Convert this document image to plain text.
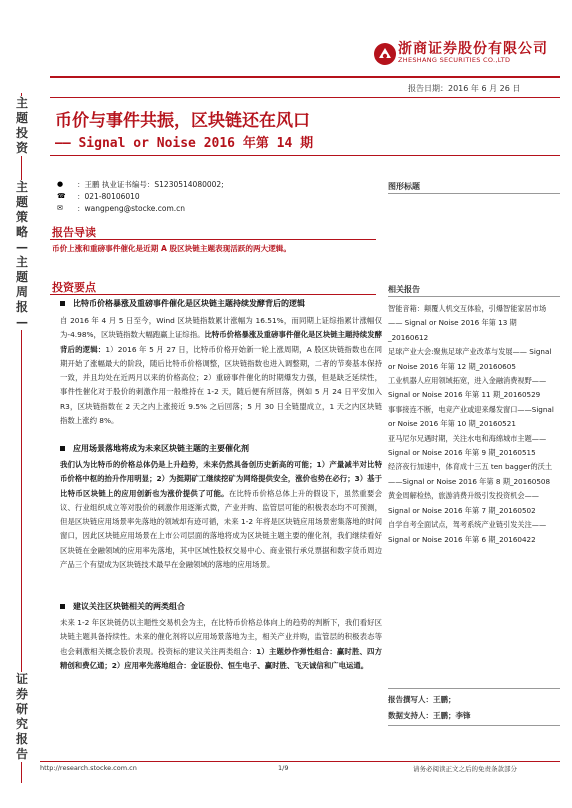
浙商证券股份有限公司
ZHESHANG SECURITIES CO.,LTD
报告日期：2016 年 6 月 26 日
主题投资
主题策略—主题周报—
证券研究报告
币价与事件共振，区块链还在风口
—— Signal or Noise 2016 年第 14 期
● ：王鹏 执业证书编号：S1230514080002;
☎ ：021-80106010
✉ ：wangpeng@stocke.com.cn
图形标题
报告导读
币价上涨和重磅事件催化是近期 A 股区块链主题表现活跃的两大逻辑。
投资要点
比特币价格暴涨及重磅事件催化是区块链主题持续发酵背后的逻辑
自 2016 年 4 月 5 日至今，Wind 区块链指数累计涨幅为 16.51%，而同期上证综指累计涨幅仅为-4.98%，区块链指数大幅跑赢上证综指。比特币价格暴涨及重磅事件催化是区块链主题持续发酵背后的逻辑：1）2016 年 5 月 27 日，比特币价格开始新一轮上涨周期，A 股区块链指数也在同期开始了涨幅最大的阶段，随后比特币价格调整，区块链指数也进入调整期，二者的节奏基本保持一致，并且均处在近两月以来的价格高位；2）重磅事件催化的时期爆发力强，但是缺乏延续性，事件性催化对于股价的刺激作用一般维持在 1-2 天，随后便有所回落，例如 5 月 24 日平安加入 R3，区块链指数在 2 天之内上涨接近 9.5% 之后回落；5 月 30 日全链盟成立，1 天之内区块链指数上涨约 8%。
应用场景落地将成为未来区块链主题的主要催化剂
我们认为比特币的价格总体仍是上升趋势，未来仍然具备创历史新高的可能；1）产量减半对比特币价格中枢的抬升作用明显；2）为挺期矿工继续挖矿为网络提供安全，涨价也势在必行；3）基于比特币区块链上的应用创新也为涨价提供了可能。在比特币价格总体上升的假设下，虽然重要会议、行业组织成立等对股价的刺激作用逐渐式微，产业并购、监管层可能的积极表态均不可预测，但是区块链应用场景率先落地的领域却有迹可循，未来 1-2 年将是区块链应用场景密集落地的时间窗口，因此区块链应用场景在上市公司层面的落地将成为区块链主题主要的催化剂，我们继续看好区块链在金融领域的应用率先落地，其中区域性股权交易中心、商业银行承兑票据和数字货币周边产品三个有望成为区块链技术最早在金融领域的落地的应用场景。
建议关注区块链相关的两类组合
未来 1-2 年区块链仍以主题性交易机会为主，在比特币价格总体向上的趋势的判断下，我们看好区块链主题具备持续性。未来的催化剂将以应用场景落地为主，相关产业并购，监管层的积极表态等也会刺激相关概念股价表现。投资标的建议关注两类组合：1）主题炒作弹性组合：赢时胜、四方精创和费亿通；2）应用率先落地组合：金证股份、恒生电子、赢时胜、飞天诚信和广电运通。
相关报告

智能音箱：颠覆人机交互体验，引爆智能家居市场—— Signal or Noise 2016 年第 13 期_20160612

足球产业大会:聚焦足球产业改革与发展—— Signal or Noise 2016 年第 12 期_20160605

工业机器人应用领域拓宽，进入金融消费视野—— Signal or Noise 2016 年第 11 期_20160529

事事接连不断，电竞产业或迎来爆发窗口——Signal or Noise 2016 年第 10 期_20160521

亚马尼尔兄遇时期，关注水电和海绵城市主题——Signal or Noise 2016 年第 9 期_20160515

经济夜行加速中，体育成十三五 ten bagger的沃土——Signal or Noise 2016 年第 8 期_20160508

黄金周解检热，旅游消费升级引发投资机会—— Signal or Noise 2016 年第 7 期_20160502

自学自考全面试点，驾考系统产业链引发关注—— Signal or Noise 2016 年第 6 期_20160422

报告撰写人：王鹏；
数据支持人：王鹏；李锋
http://research.stocke.com.cn	1/9	请务必阅读正文之后的免责条款部分
